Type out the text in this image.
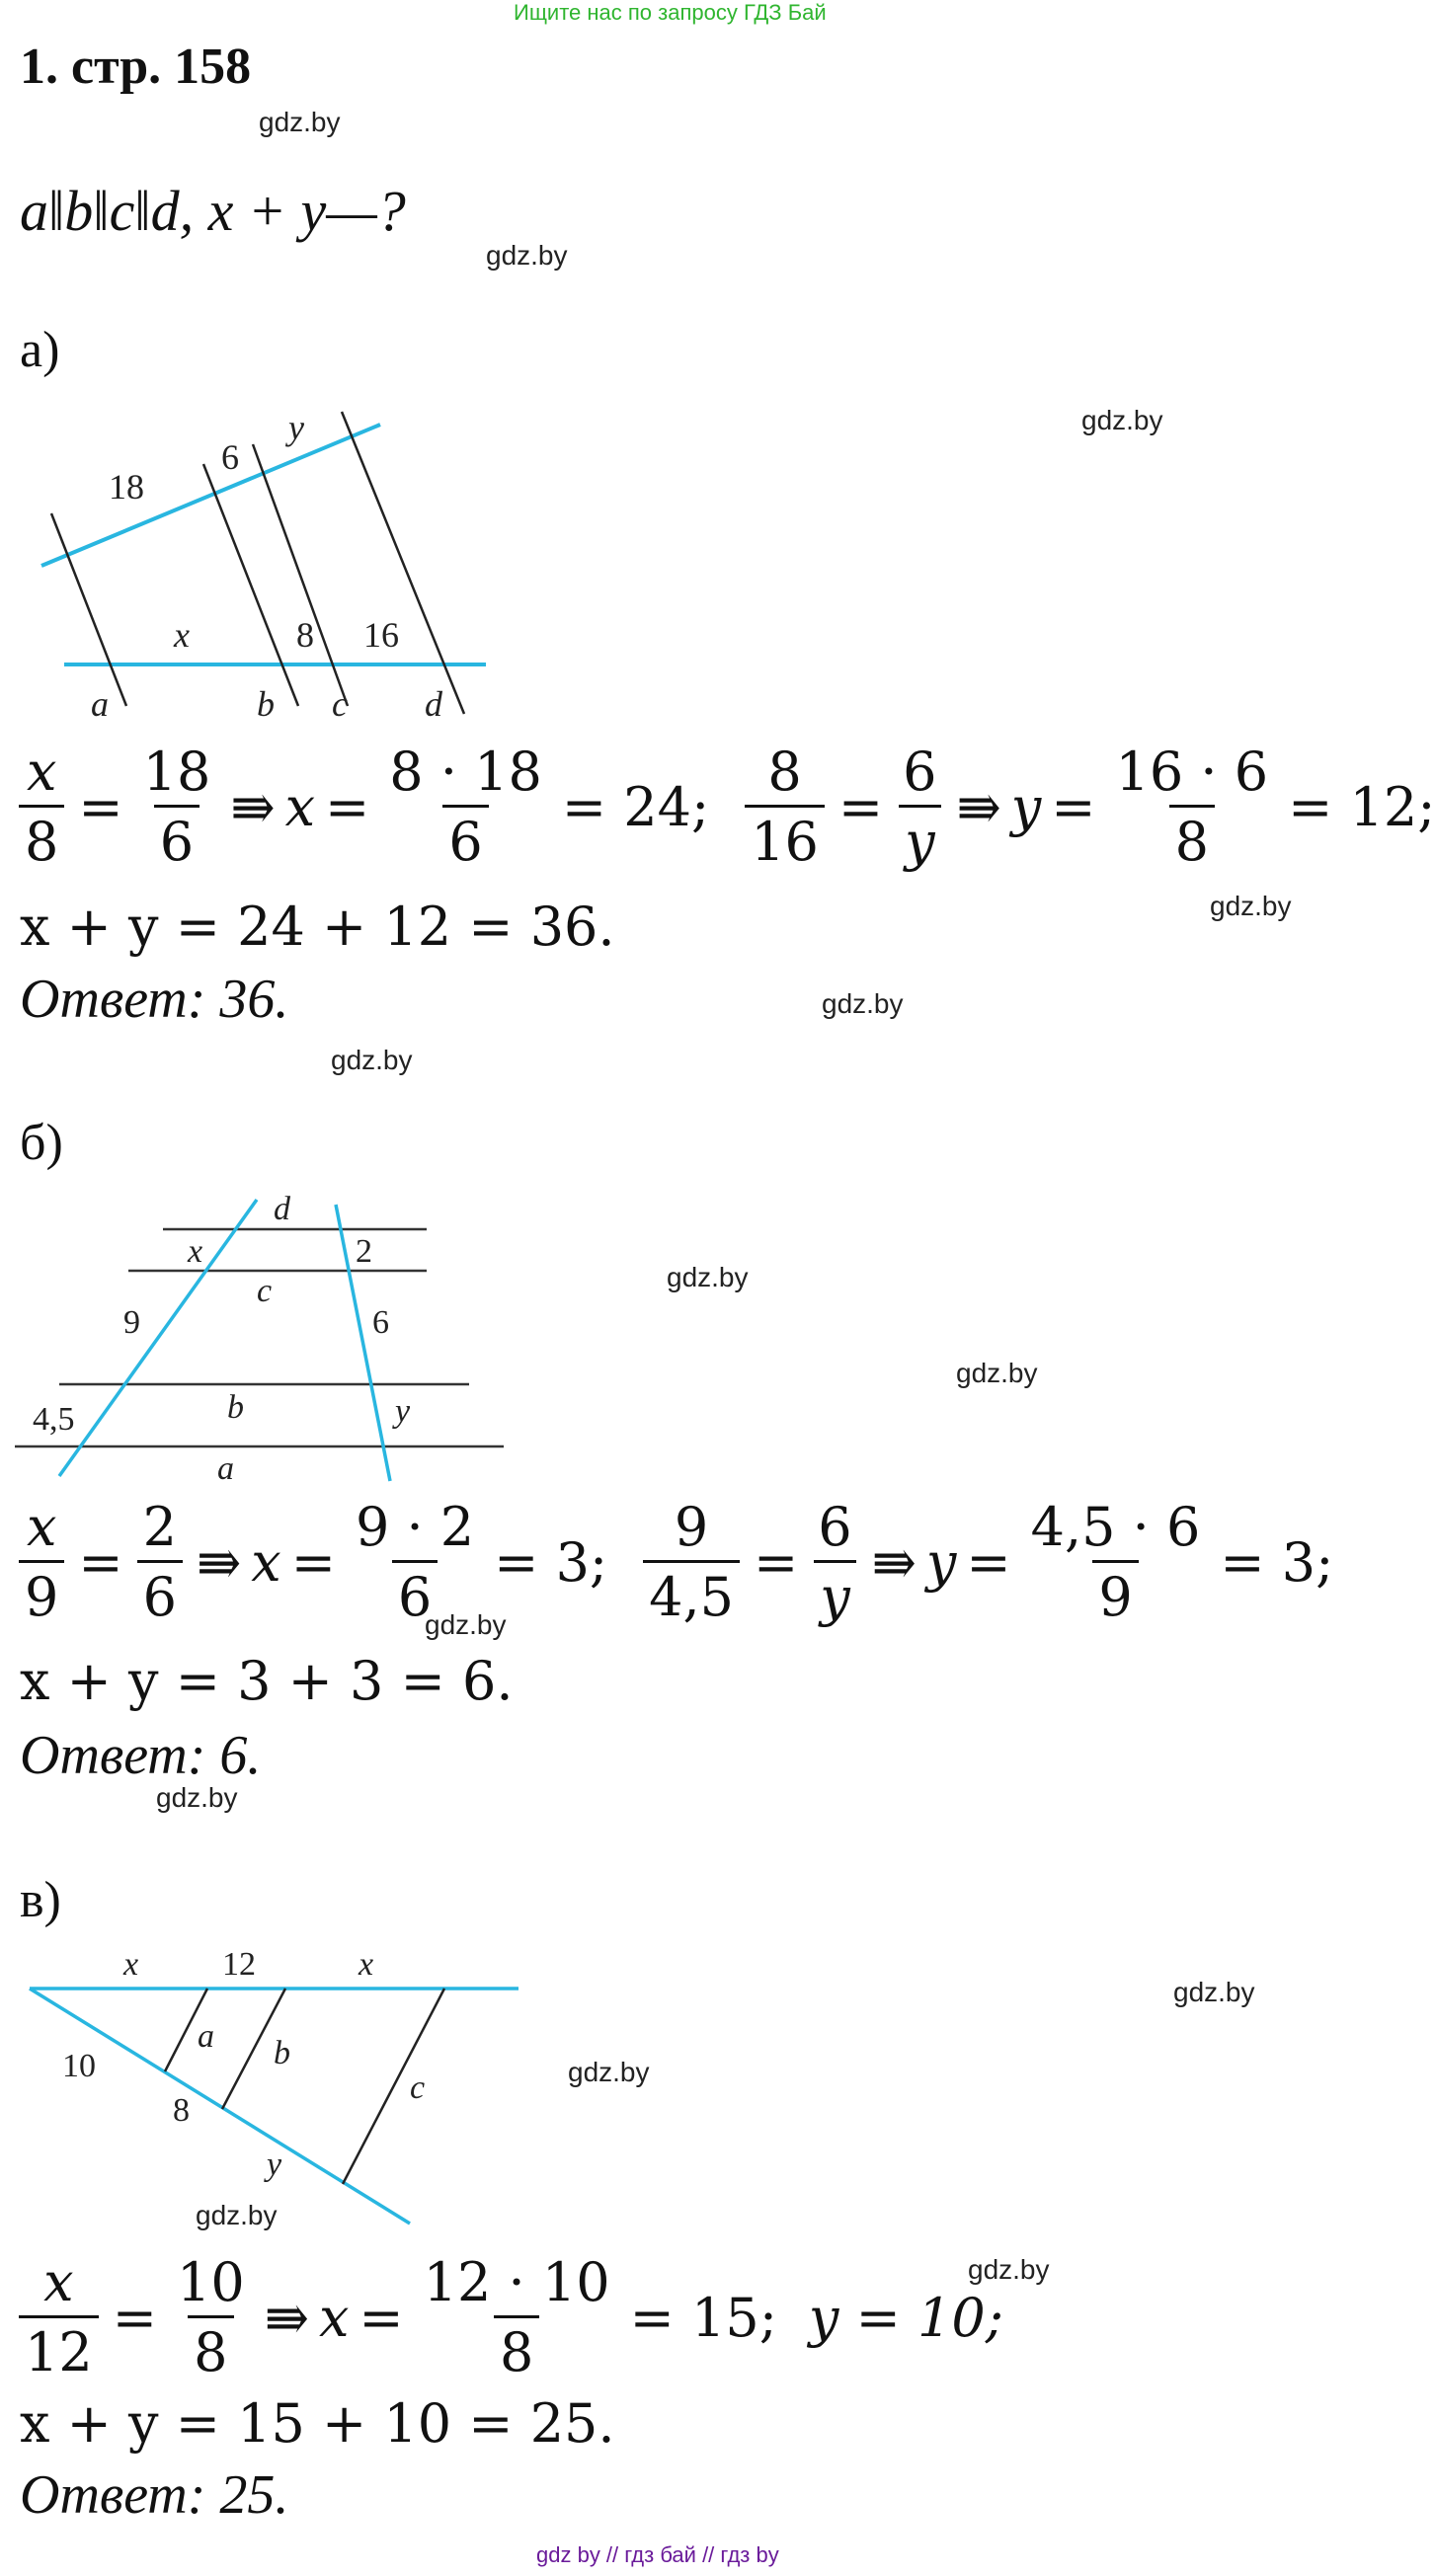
Ищите нас по запросу ГДЗ Бай
1. стр. 158
gdz.by
gdz.by
gdz.by
gdz.by
gdz.by
gdz.by
gdz.by
gdz.by
gdz.by
gdz.by
gdz.by
gdz.by
gdz.by
gdz.by
a‖b‖c‖d, x + y—?
а)
18
6
y
x	8 16
a	b c d
$\frac{x}{8} = \frac{18}{6}$ ⇛ $x = \frac{8 \cdot 18}{6} = 24$; $\frac{8}{16} = \frac{6}{y}$ ⇛ $y = \frac{16 \cdot 6}{8} = 12$;
x + y = 24 + 12 = 36.
Ответ: 36.
б)
d
x	2
c
9	6
4,5	b	y
a
$\frac{x}{9} = \frac{2}{6}$ ⇛ $x = \frac{9 \cdot 2}{6} = 3$; $\frac{9}{4,5} = \frac{6}{y}$ ⇛ $y = \frac{4,5 \cdot 6}{9} = 3$;
x + y = 3 + 3 = 6.
Ответ: 6.
в)
x 12	x
10
a b
8
c
y
$\frac{x}{12} = \frac{10}{8}$ ⇛ $x = \frac{12 \cdot 10}{8} = 15$; y = 10;
x + y = 15 + 10 = 25.
Ответ: 25.
gdz by // гдз бай // гдз by
